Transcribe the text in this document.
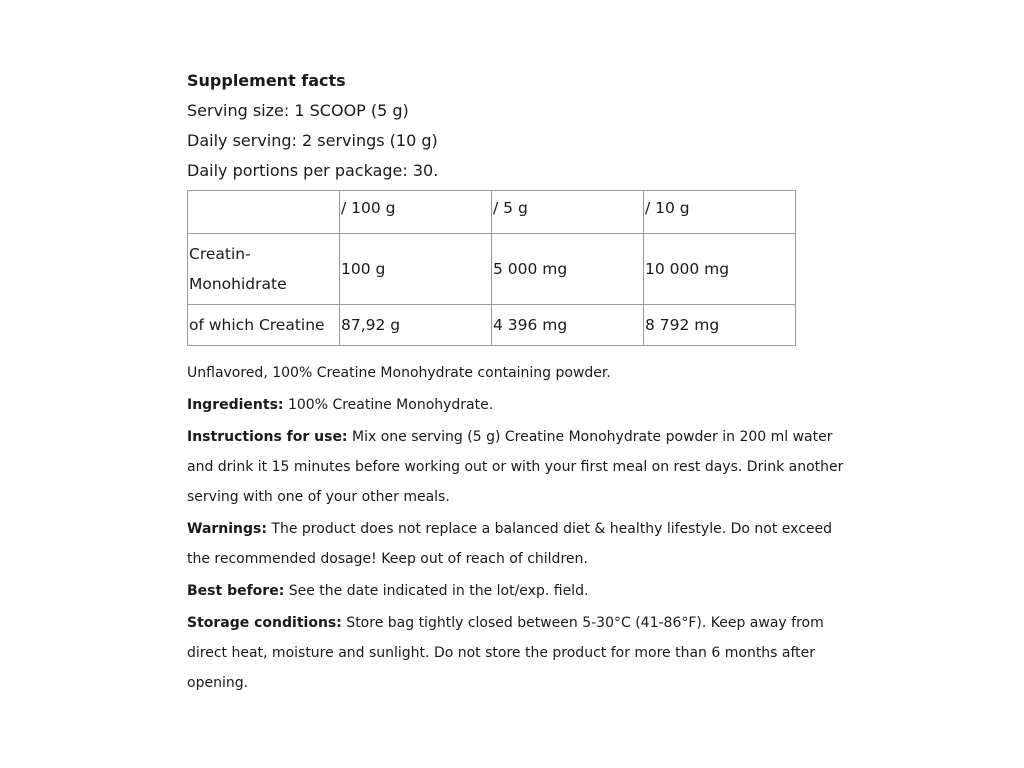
Supplement facts
Serving size: 1 SCOOP (5 g)
Daily serving: 2 servings (10 g)
Daily portions per package: 30.
	/ 100 g	/ 5 g	/ 10 g
Creatin-Monohidrate	100 g	5 000 mg	10 000 mg
of which Creatine	87,92 g	4 396 mg	8 792 mg

Unflavored, 100% Creatine Monohydrate containing powder.

Ingredients: 100% Creatine Monohydrate.

Instructions for use: Mix one serving (5 g) Creatine Monohydrate powder in 200 ml water and drink it 15 minutes before working out or with your first meal on rest days. Drink another serving with one of your other meals.

Warnings: The product does not replace a balanced diet & healthy lifestyle. Do not exceed the recommended dosage! Keep out of reach of children.

Best before: See the date indicated in the lot/exp. field.

Storage conditions: Store bag tightly closed between 5-30°C (41-86°F). Keep away from direct heat, moisture and sunlight. Do not store the product for more than 6 months after opening.
